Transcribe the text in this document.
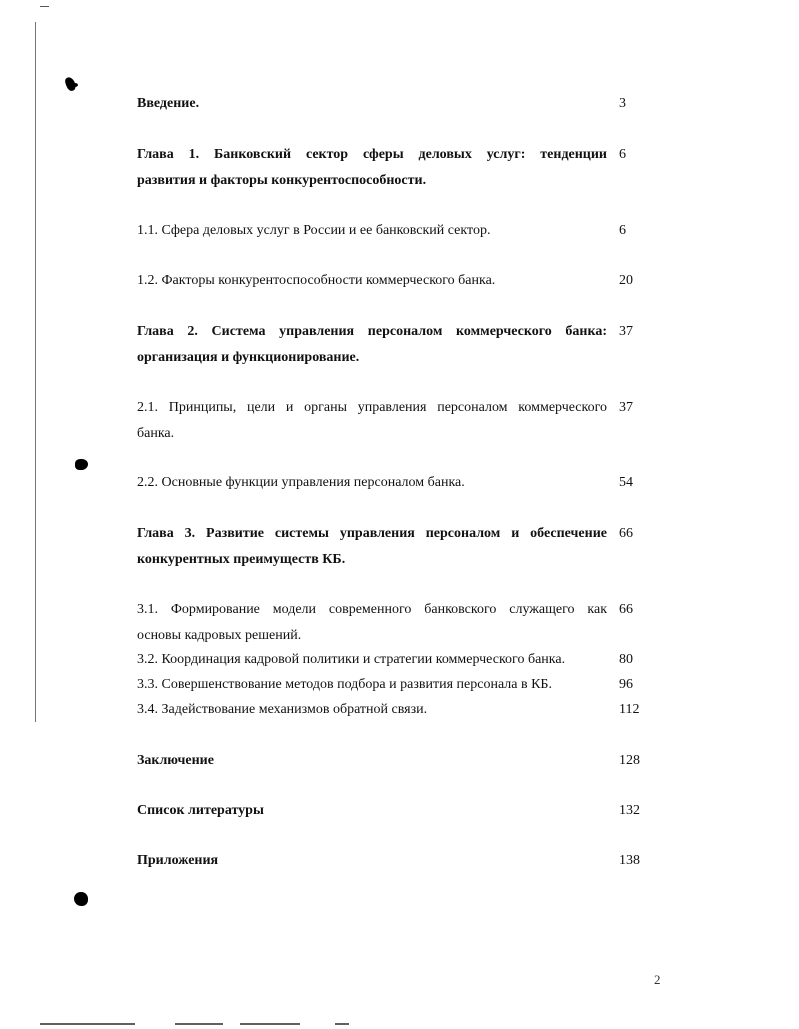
Введение.	3
Глава 1. Банковский сектор сферы деловых услуг: тенденции
развития и факторы конкурентоспособности.
6
1.1. Сфера деловых услуг в России и ее банковский сектор.	6
1.2. Факторы конкурентоспособности коммерческого банка.	20
Глава 2. Система управления персоналом коммерческого банка:
организация и функционирование.
37
2.1. Принципы, цели и органы управления персоналом коммерческого
банка.
37
2.2. Основные функции управления персоналом банка.	54
Глава 3. Развитие системы управления персоналом и обеспечение
конкурентных преимуществ КБ.
66
3.1. Формирование модели современного банковского служащего как
основы кадровых решений.
66
3.2. Координация кадровой политики и стратегии коммерческого банка.	80
3.3. Совершенствование методов подбора и развития персонала в КБ.	96
3.4. Задействование механизмов обратной связи.	112
Заключение	128
Список литературы	132
Приложения	138
2
